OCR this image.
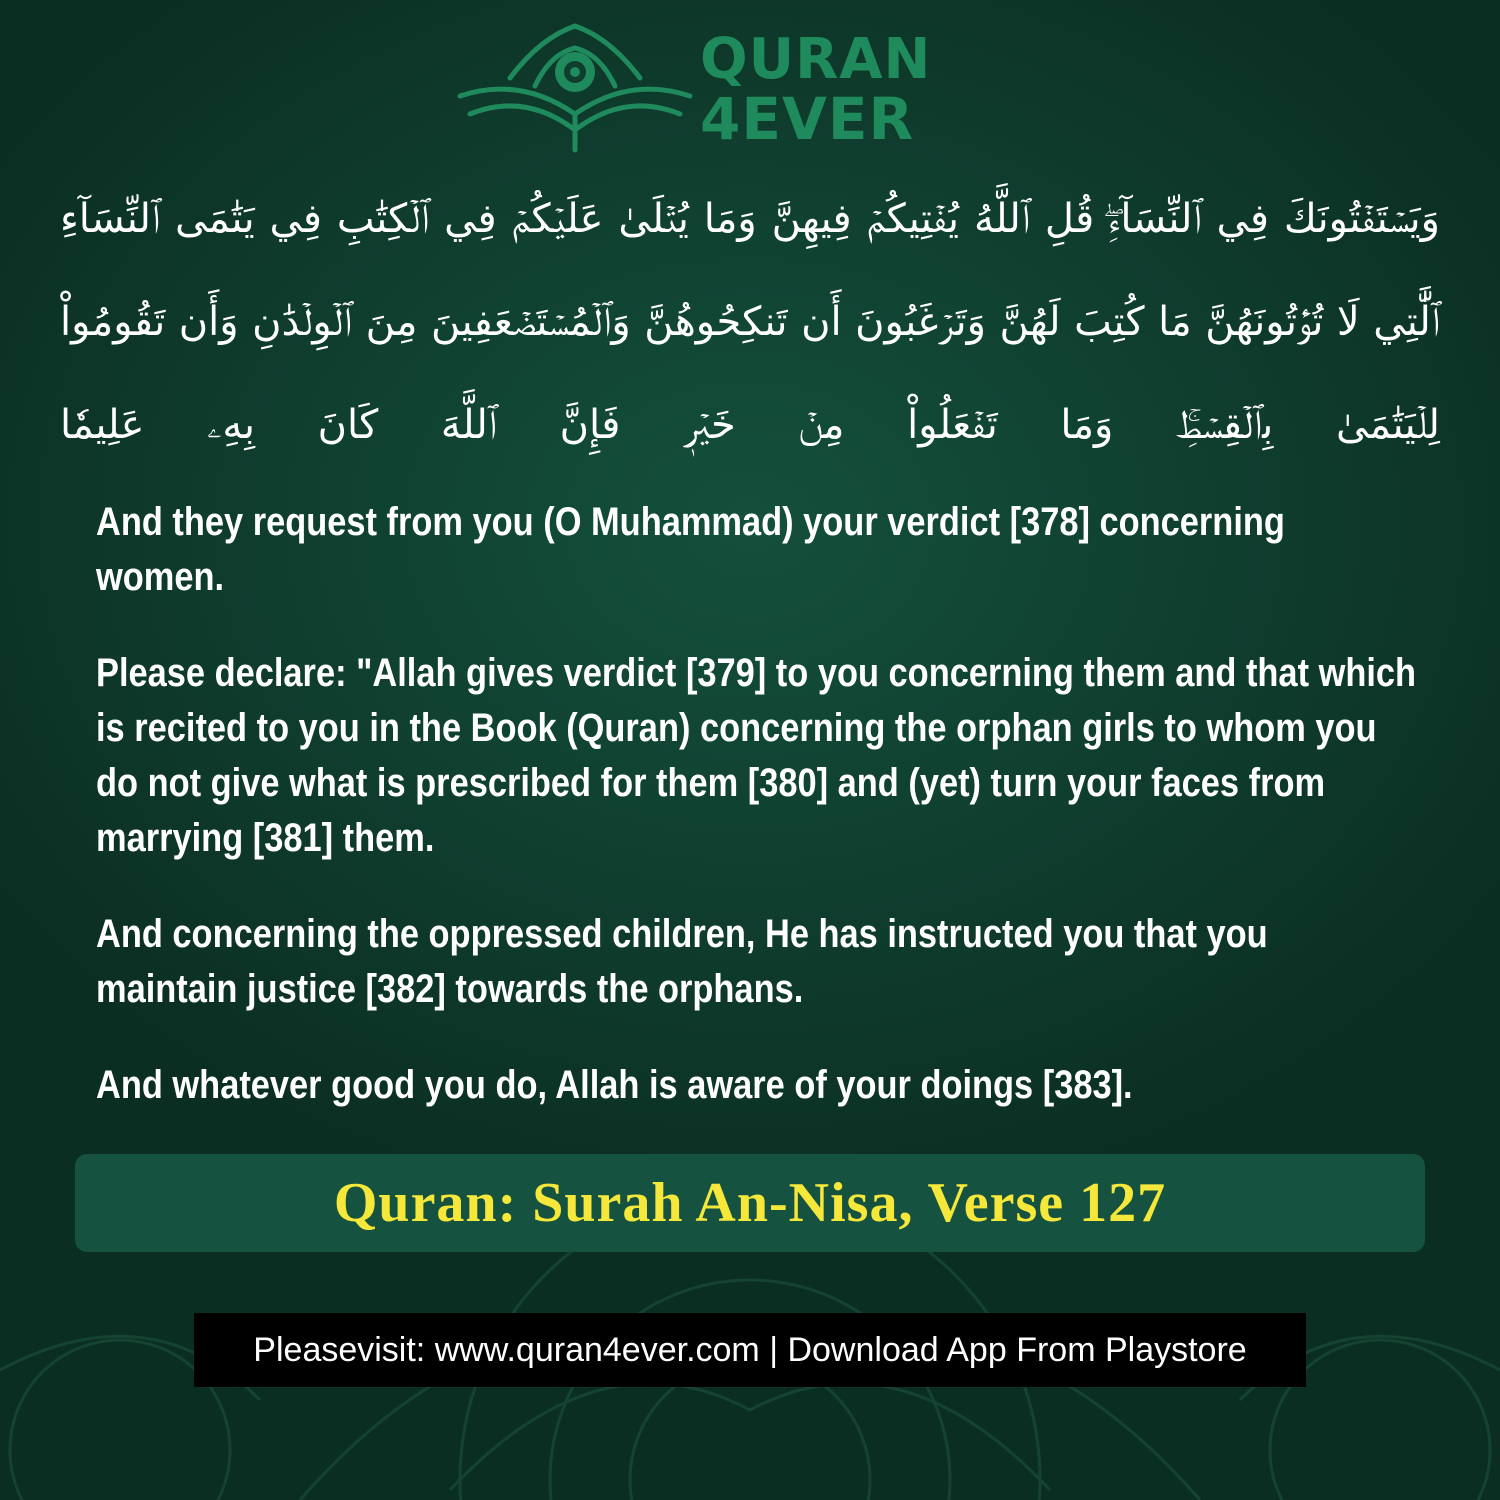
QURAN
4EVER
وَيَسۡتَفۡتُونَكَ فِي ٱلنِّسَآءِۖ قُلِ ٱللَّهُ يُفۡتِيكُمۡ فِيهِنَّ وَمَا يُتۡلَىٰ عَلَيۡكُمۡ فِي ٱلۡكِتَٰبِ فِي يَتَٰمَى ٱلنِّسَآءِ ٱلَّٰتِي لَا تُؤۡتُونَهُنَّ مَا كُتِبَ لَهُنَّ وَتَرۡغَبُونَ أَن تَنكِحُوهُنَّ وَٱلۡمُسۡتَضۡعَفِينَ مِنَ ٱلۡوِلۡدَٰنِ وَأَن تَقُومُواْ لِلۡيَتَٰمَىٰ بِٱلۡقِسۡطِۚ وَمَا تَفۡعَلُواْ مِنۡ خَيۡرٖ فَإِنَّ ٱللَّهَ كَانَ بِهِۦ عَلِيمٗا

And they request from you (O Muhammad) your verdict [378] concerning women.

Please declare: "Allah gives verdict [379] to you concerning them and that which is recited to you in the Book (Quran) concerning the orphan girls to whom you do not give what is prescribed for them [380] and (yet) turn your faces from marrying [381] them.

And concerning the oppressed children, He has instructed you that you maintain justice [382] towards the orphans.

And whatever good you do, Allah is aware of your doings [383].

Quran: Surah An-Nisa, Verse 127
Pleasevisit: www.quran4ever.com | Download App From Playstore
